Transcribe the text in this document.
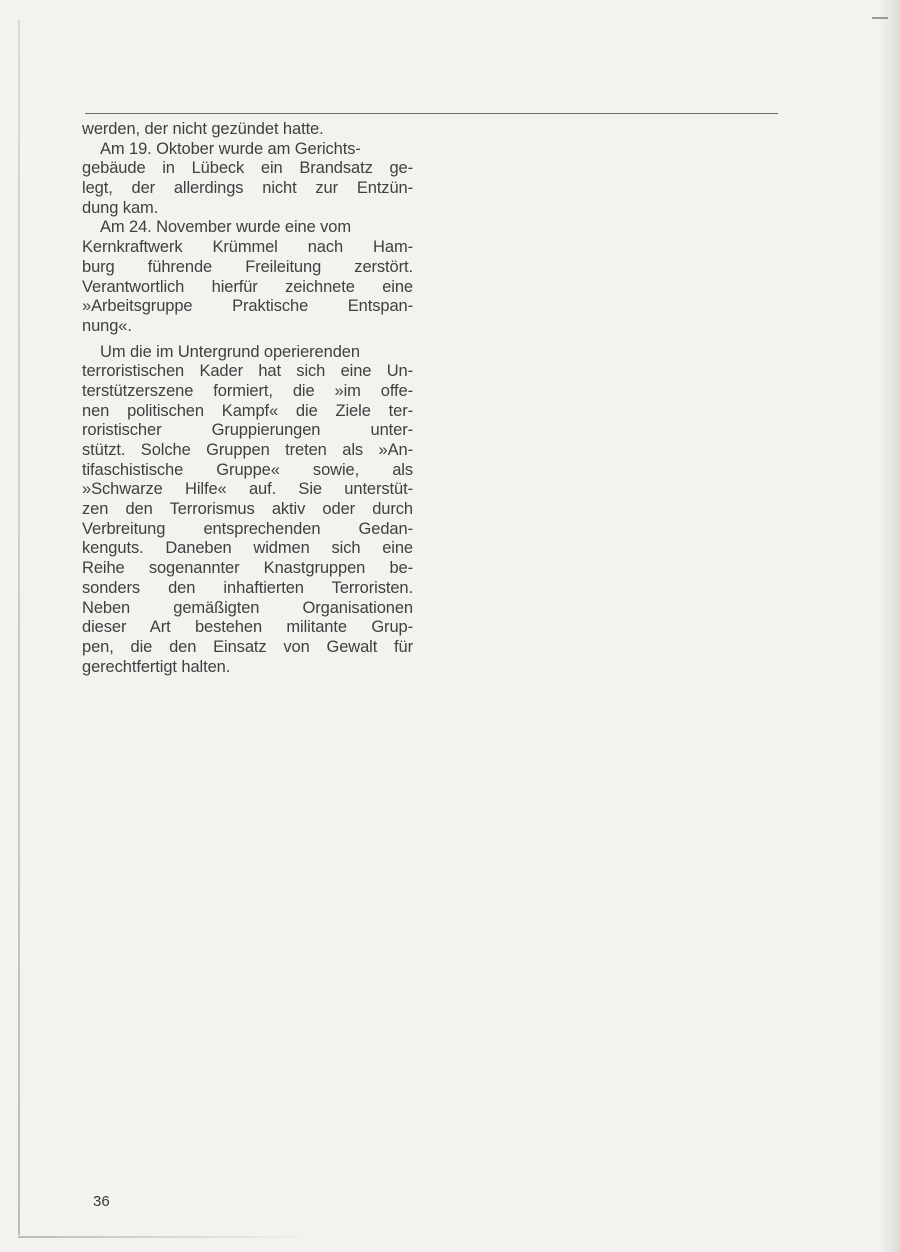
werden, der nicht gezündet hatte.
Am 19. Oktober wurde am Gerichts-
gebäude in Lübeck ein Brandsatz ge-
legt, der allerdings nicht zur Entzün-
dung kam.
Am 24. November wurde eine vom
Kernkraftwerk Krümmel nach Ham-
burg führende Freileitung zerstört.
Verantwortlich hierfür zeichnete eine
»Arbeitsgruppe Praktische Entspan-
nung«.
Um die im Untergrund operierenden
terroristischen Kader hat sich eine Un-
terstützerszene formiert, die »im offe-
nen politischen Kampf« die Ziele ter-
roristischer Gruppierungen unter-
stützt. Solche Gruppen treten als »An-
tifaschistische Gruppe« sowie, als
»Schwarze Hilfe« auf. Sie unterstüt-
zen den Terrorismus aktiv oder durch
Verbreitung entsprechenden Gedan-
kenguts. Daneben widmen sich eine
Reihe sogenannter Knastgruppen be-
sonders den inhaftierten Terroristen.
Neben gemäßigten Organisationen
dieser Art bestehen militante Grup-
pen, die den Einsatz von Gewalt für
gerechtfertigt halten.
36
